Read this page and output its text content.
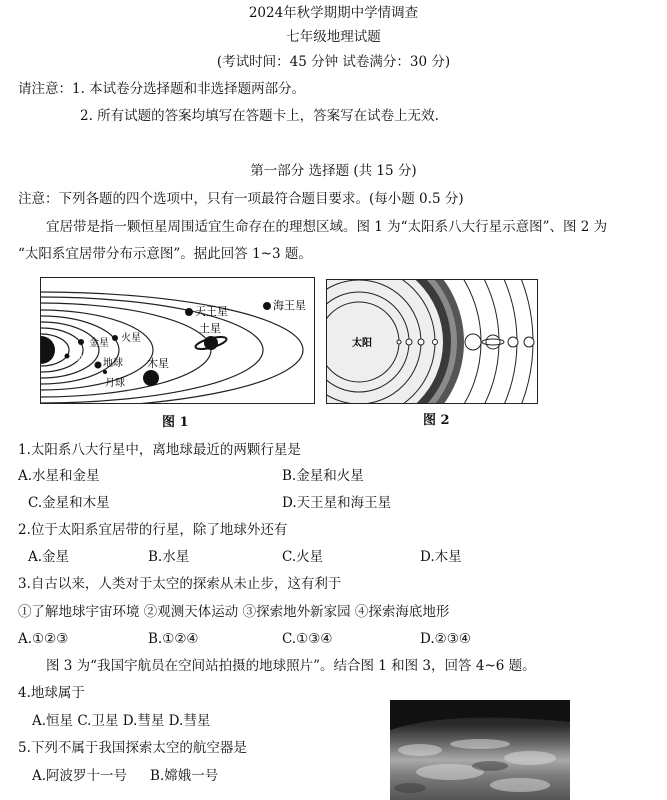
2024年秋学期期中学情调查
七年级地理试题
(考试时间：45 分钟 试卷满分：30 分)
请注意：1. 本试卷分选择题和非选择题两部分。
2. 所有试题的答案均填写在答题卡上，答案写在试卷上无效.
第一部分 选择题 (共 15 分)
注意：下列各题的四个选项中，只有一项最符合题目要求。(每小题 0.5 分)
宜居带是指一颗恒星周围适宜生命存在的理想区域。图 1 为“太阳系八大行星示意图”、图 2 为
“太阳系宜居带分布示意图”。据此回答 1~3 题。
天王星	海王星
土星
火星
金星
水星 地球 木星
月球
图 1
太阳
图 2
1.太阳系八大行星中，离地球最近的两颗行星是
A.水星和金星	B.金星和火星
C.金星和木星	D.天王星和海王星
2.位于太阳系宜居带的行星，除了地球外还有
A.金星	B.水星	C.火星	D.木星
3.自古以来，人类对于太空的探索从未止步，这有利于
①了解地球宇宙环境 ②观测天体运动 ③探索地外新家园 ④探索海底地形
A.①②③	B.①②④	C.①③④	D.②③④
图 3 为“我国宇航员在空间站拍摄的地球照片”。结合图 1 和图 3，回答 4~6 题。
4.地球属于
A.恒星 C.卫星 D.彗星 D.彗星
5.下列不属于我国探索太空的航空器是
A.阿波罗十一号 B.嫦娥一号
